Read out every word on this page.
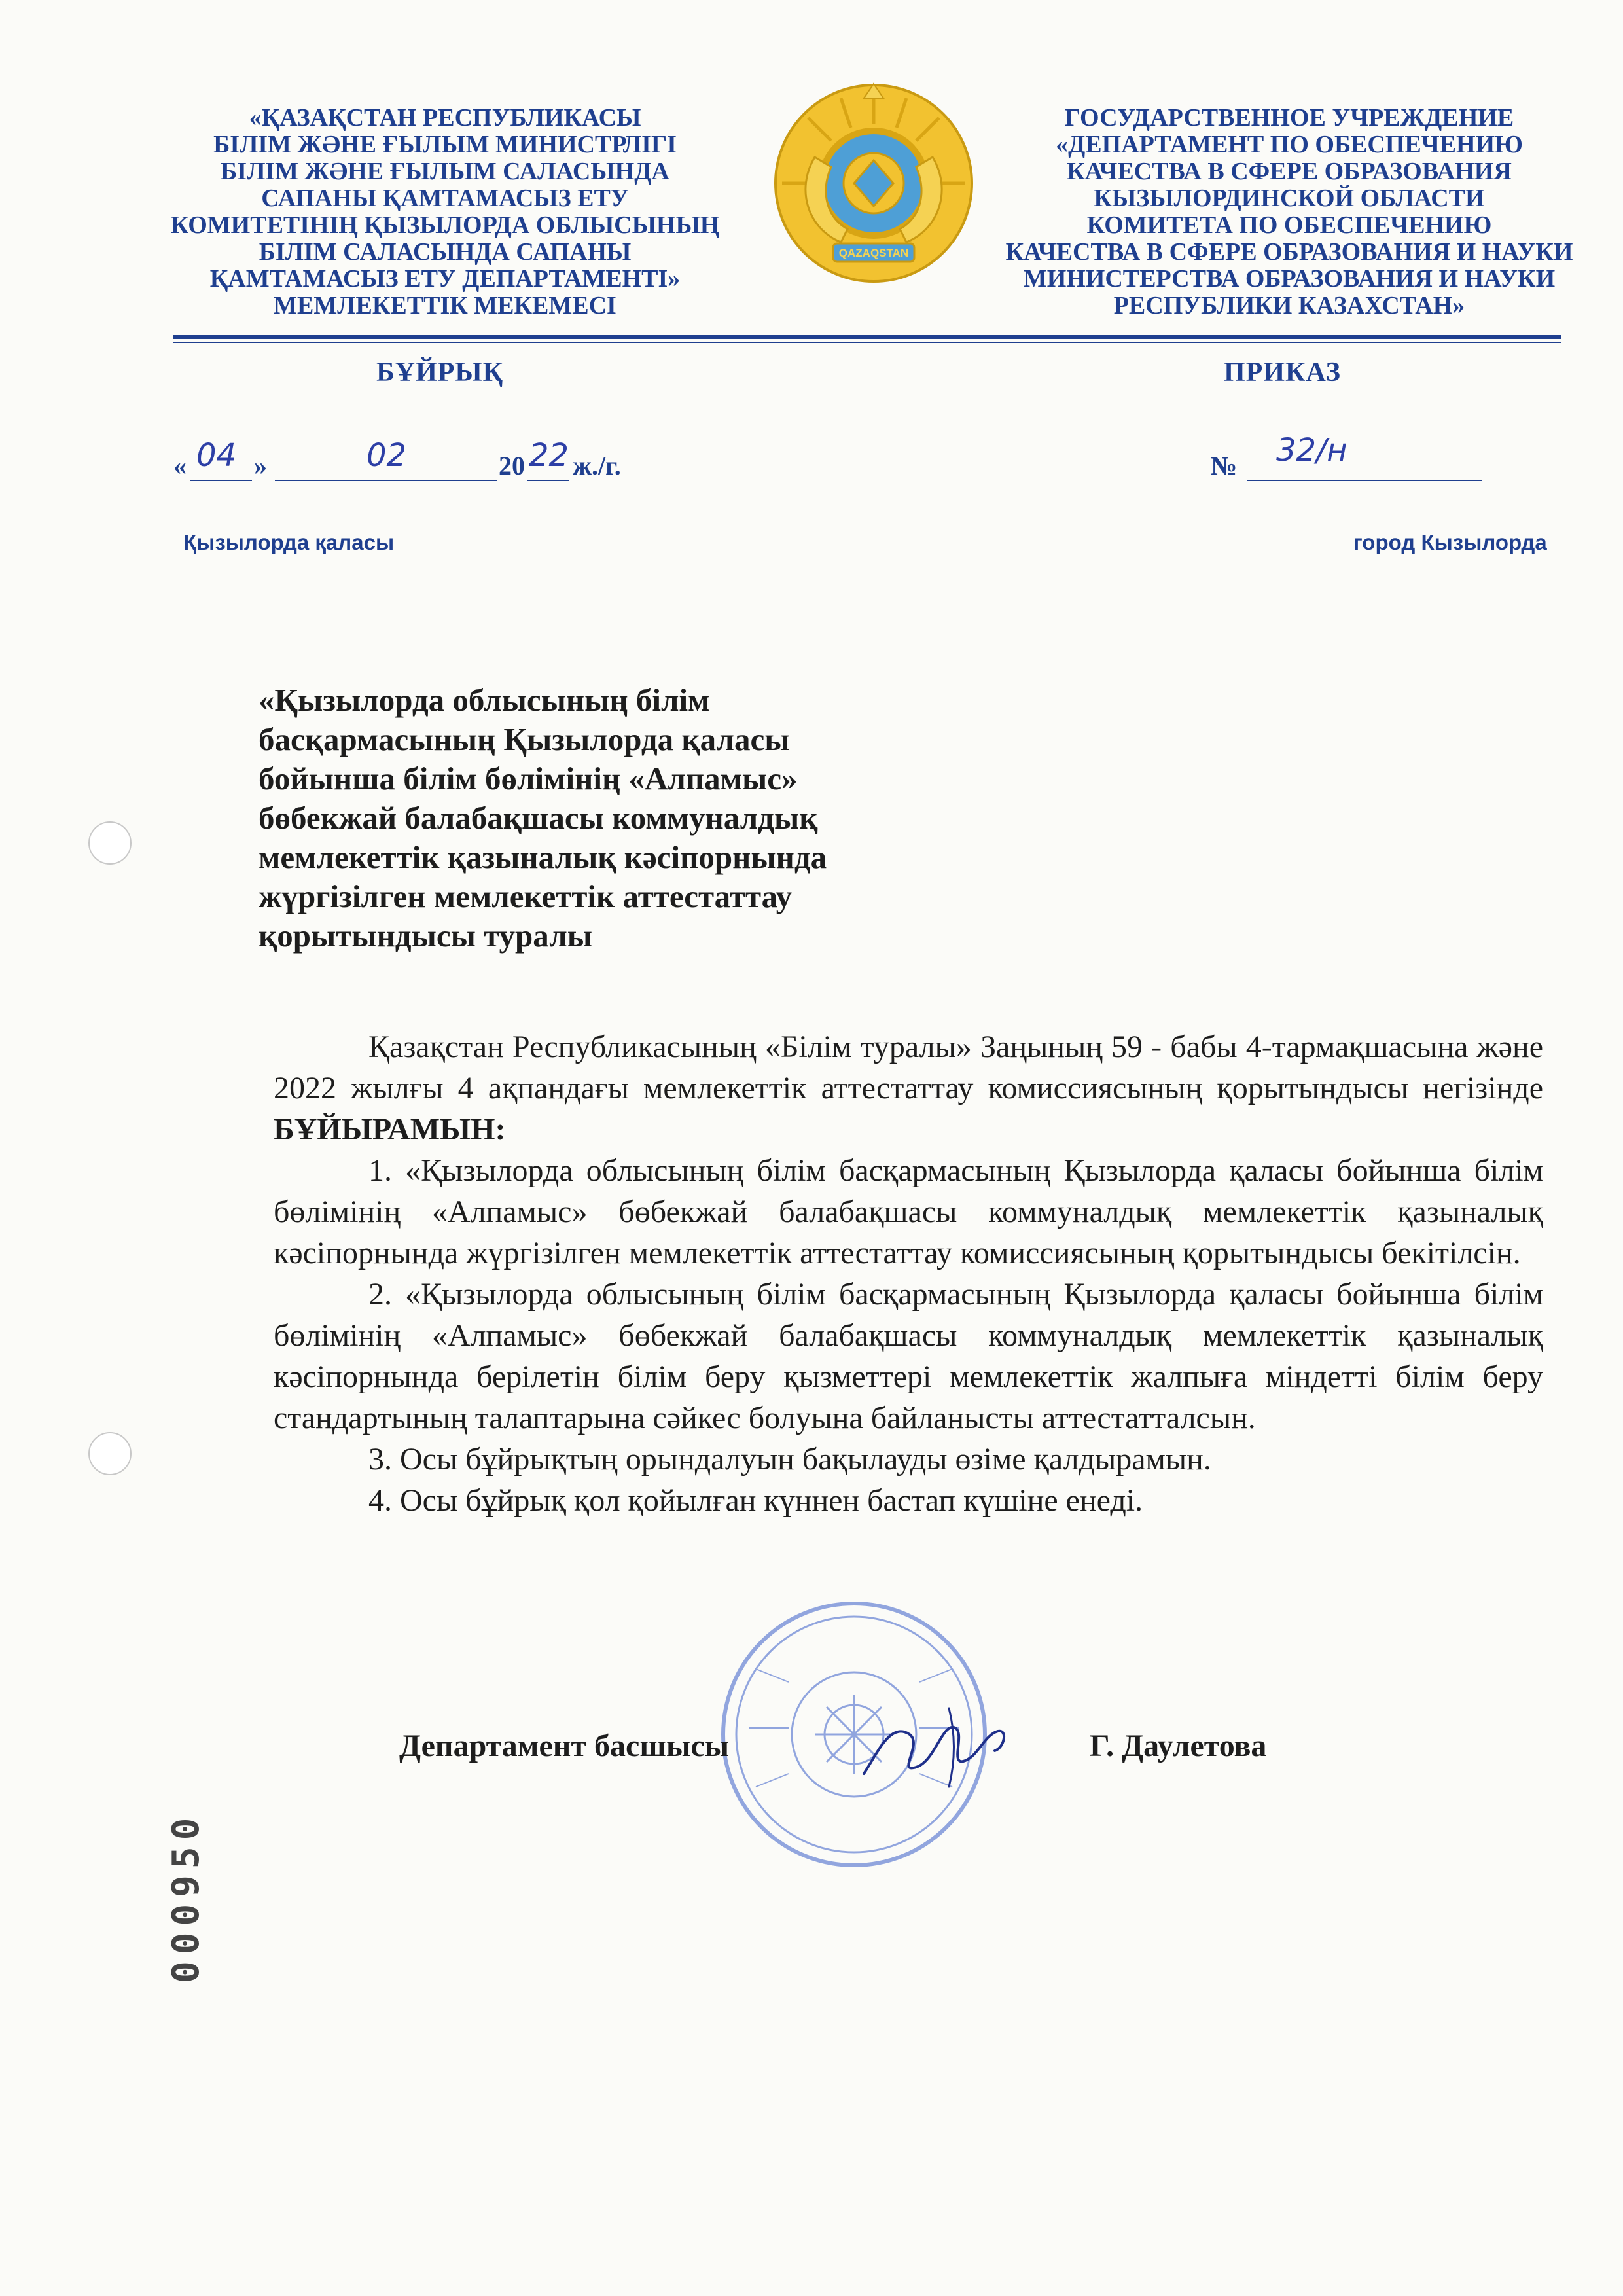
«ҚАЗАҚСТАН РЕСПУБЛИКАСЫ
БІЛІМ ЖӘНЕ ҒЫЛЫМ МИНИСТРЛІГІ
БІЛІМ ЖӘНЕ ҒЫЛЫМ САЛАСЫНДА
САПАНЫ ҚАМТАМАСЫЗ ЕТУ
КОМИТЕТІНІҢ ҚЫЗЫЛОРДА ОБЛЫСЫНЫҢ
БІЛІМ САЛАСЫНДА САПАНЫ
ҚАМТАМАСЫЗ ЕТУ ДЕПАРТАМЕНТІ»
МЕМЛЕКЕТТІК МЕКЕМЕСІ
QAZAQSTAN
ГОСУДАРСТВЕННОЕ УЧРЕЖДЕНИЕ
«ДЕПАРТАМЕНТ ПО ОБЕСПЕЧЕНИЮ
КАЧЕСТВА В СФЕРЕ ОБРАЗОВАНИЯ
КЫЗЫЛОРДИНСКОЙ ОБЛАСТИ
КОМИТЕТА ПО ОБЕСПЕЧЕНИЮ
КАЧЕСТВА В СФЕРЕ ОБРАЗОВАНИЯ И НАУКИ
МИНИСТЕРСТВА ОБРАЗОВАНИЯ И НАУКИ
РЕСПУБЛИКИ КАЗАХСТАН»
БҰЙРЫҚ	ПРИКАЗ
« 04 »	02	20 22 ж./г.	№ 32/н
Қызылорда қаласы	город Кызылорда
«Қызылорда облысының білім
басқармасының Қызылорда қаласы
бойынша білім бөлімінің «Алпамыс»
бөбекжай балабақшасы коммуналдық
мемлекеттік қазыналық кәсіпорнында
жүргізілген мемлекеттік аттестаттау
қорытындысы туралы

Қазақстан Республикасының «Білім туралы» Заңының 59 - бабы 4-тармақшасына және 2022 жылғы 4 ақпандағы мемлекеттік аттестаттау комиссиясының қорытындысы негізінде БҰЙЫРАМЫН:

1. «Қызылорда облысының білім басқармасының Қызылорда қаласы бойынша білім бөлімінің «Алпамыс» бөбекжай балабақшасы коммуналдық мемлекеттік қазыналық кәсіпорнында жүргізілген мемлекеттік аттестаттау комиссиясының қорытындысы бекітілсін.

2. «Қызылорда облысының білім басқармасының Қызылорда қаласы бойынша білім бөлімінің «Алпамыс» бөбекжай балабақшасы коммуналдық мемлекеттік қазыналық кәсіпорнында берілетін білім беру қызметтері мемлекеттік жалпыға міндетті білім беру стандартының талаптарына сәйкес болуына байланысты аттестатталсын.

3. Осы бұйрықтың орындалуын бақылауды өзіме қалдырамын.

4. Осы бұйрық қол қойылған күннен бастап күшіне енеді.

Департамент басшысы	Г. Даулетова
000950
